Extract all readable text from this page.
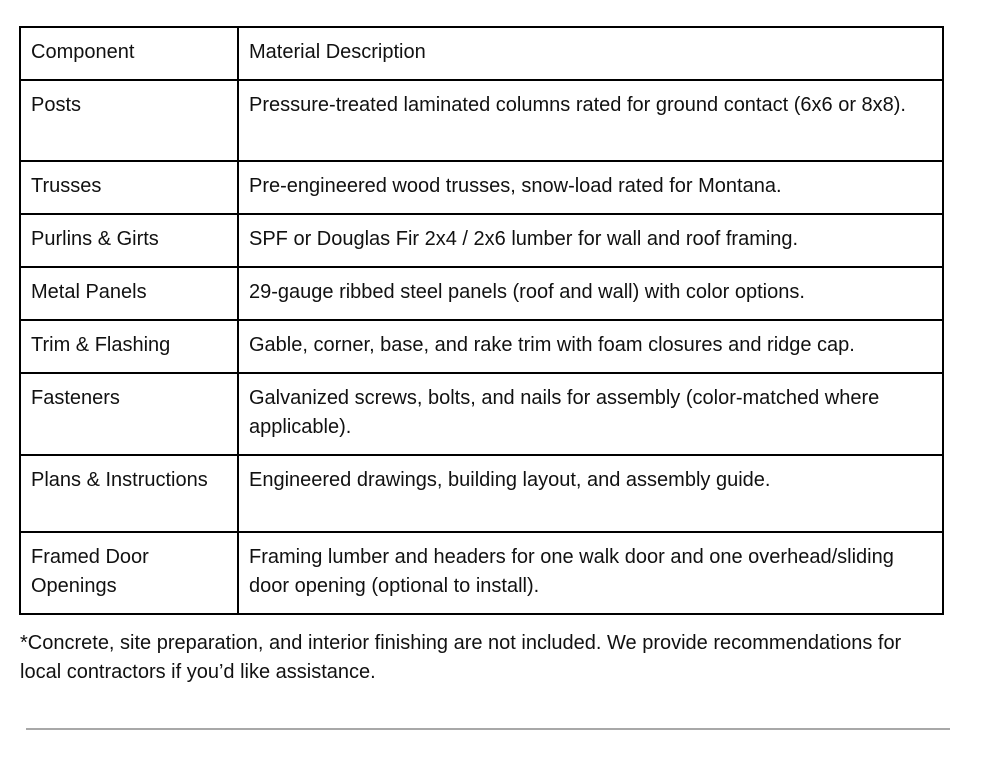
Component	Material Description
Posts	Pressure-treated laminated columns rated for ground contact (6x6 or 8x8).
Trusses	Pre-engineered wood trusses, snow-load rated for Montana.
Purlins & Girts	SPF or Douglas Fir 2x4 / 2x6 lumber for wall and roof framing.
Metal Panels	29-gauge ribbed steel panels (roof and wall) with color options.
Trim & Flashing	Gable, corner, base, and rake trim with foam closures and ridge cap.
Fasteners	Galvanized screws, bolts, and nails for assembly (color-matched where applicable).
Plans & Instructions	Engineered drawings, building layout, and assembly guide.
Framed Door Openings	Framing lumber and headers for one walk door and one overhead/sliding door opening (optional to install).

*Concrete, site preparation, and interior finishing are not included. We provide recommendations for local contractors if you’d like assistance.
